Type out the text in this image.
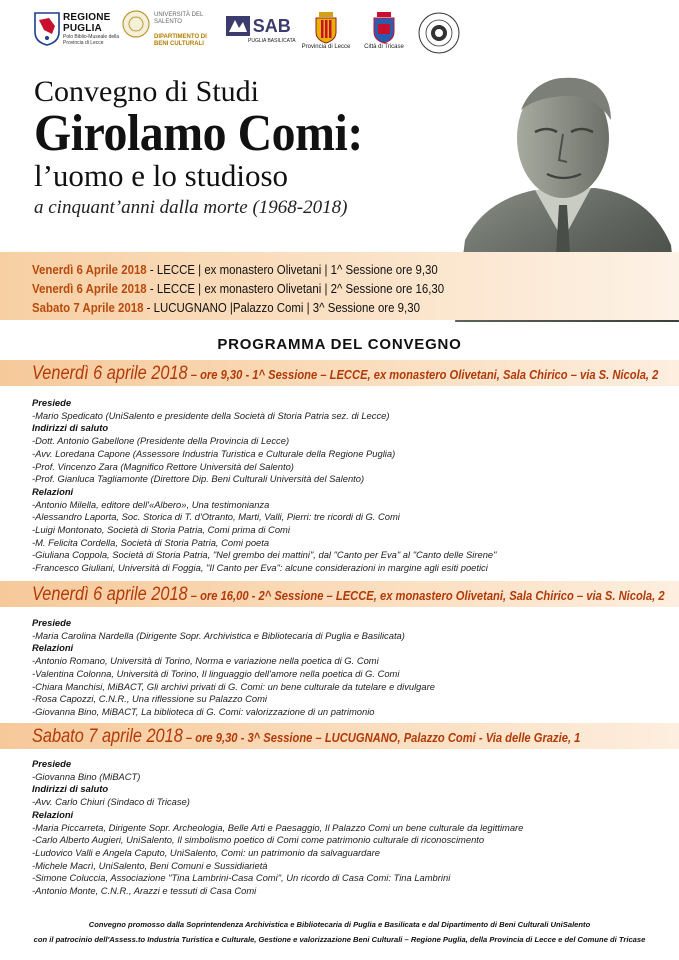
REGIONE
PUGLIA
Polo Biblio-Museale della Provincia di Lecce
UNIVERSITÀ DEL SALENTO
DIPARTIMENTO DI BENI CULTURALI
SAB
PUGLIA BASILICATA
Provincia di Lecce Città di Tricase
Convegno di Studi
Girolamo Comi:
l’uomo e lo studioso
a cinquant’anni dalla morte (1968-2018)
Venerdì 6 Aprile 2018 - LECCE | ex monastero Olivetani | 1^ Sessione ore 9,30
Venerdì 6 Aprile 2018 - LECCE | ex monastero Olivetani | 2^ Sessione ore 16,30
Sabato 7 Aprile 2018 - LUCUGNANO |Palazzo Comi | 3^ Sessione ore 9,30
PROGRAMMA DEL CONVEGNO
Venerdì 6 aprile 2018 – ore 9,30 - 1^ Sessione – LECCE, ex monastero Olivetani, Sala Chirico – via S. Nicola, 2
Presiede
-Mario Spedicato (UniSalento e presidente della Società di Storia Patria sez. di Lecce)
Indirizzi di saluto
-Dott. Antonio Gabellone (Presidente della Provincia di Lecce)
-Avv. Loredana Capone (Assessore Industria Turistica e Culturale della Regione Puglia)
-Prof. Vincenzo Zara (Magnifico Rettore Università del Salento)
-Prof. Gianluca Tagliamonte (Direttore Dip. Beni Culturali Università del Salento)
Relazioni
-Antonio Milella, editore dell'«Albero», Una testimonianza
-Alessandro Laporta, Soc. Storica di T. d'Otranto, Marti, Valli, Pierri: tre ricordi di G. Comi
-Luigi Montonato, Società di Storia Patria, Comi prima di Comi
-M. Felicita Cordella, Società di Storia Patria, Comi poeta
-Giuliana Coppola, Società di Storia Patria, "Nel grembo dei mattini", dal "Canto per Eva" al "Canto delle Sirene"
-Francesco Giuliani, Università di Foggia, "Il Canto per Eva": alcune considerazioni in margine agli esiti poetici
Venerdì 6 aprile 2018 – ore 16,00 - 2^ Sessione – LECCE, ex monastero Olivetani, Sala Chirico – via S. Nicola, 2
Presiede
-Maria Carolina Nardella (Dirigente Sopr. Archivistica e Bibliotecaria di Puglia e Basilicata)
Relazioni
-Antonio Romano, Università di Torino, Norma e variazione nella poetica di G. Comi
-Valentina Colonna, Università di Torino, Il linguaggio dell'amore nella poetica di G. Comi
-Chiara Manchisi, MiBACT, Gli archivi privati di G. Comi: un bene culturale da tutelare e divulgare
-Rosa Capozzi, C.N.R., Una riflessione su Palazzo Comi
-Giovanna Bino, MiBACT, La biblioteca di G. Comi: valorizzazione di un patrimonio
Sabato 7 aprile 2018 – ore 9,30 - 3^ Sessione – LUCUGNANO, Palazzo Comi - Via delle Grazie, 1
Presiede
-Giovanna Bino (MiBACT)
Indirizzi di saluto
-Avv. Carlo Chiuri (Sindaco di Tricase)
Relazioni
-Maria Piccarreta, Dirigente Sopr. Archeologia, Belle Arti e Paesaggio, Il Palazzo Comi un bene culturale da legittimare
-Carlo Alberto Augieri, UniSalento, Il simbolismo poetico di Comi come patrimonio culturale di riconoscimento
-Ludovico Valli e Angela Caputo, UniSalento, Comi: un patrimonio da salvaguardare
-Michele Macrì, UniSalento, Beni Comuni e Sussidiarietà
-Simone Coluccia, Associazione "Tina Lambrini-Casa Comi", Un ricordo di Casa Comi: Tina Lambrini
-Antonio Monte, C.N.R., Arazzi e tessuti di Casa Comi
Convegno promosso dalla Soprintendenza Archivistica e Bibliotecaria di Puglia e Basilicata e dal Dipartimento di Beni Culturali UniSalento
con il patrocinio dell'Assess.to Industria Turistica e Culturale, Gestione e valorizzazione Beni Culturali – Regione Puglia, della Provincia di Lecce e del Comune di Tricase
